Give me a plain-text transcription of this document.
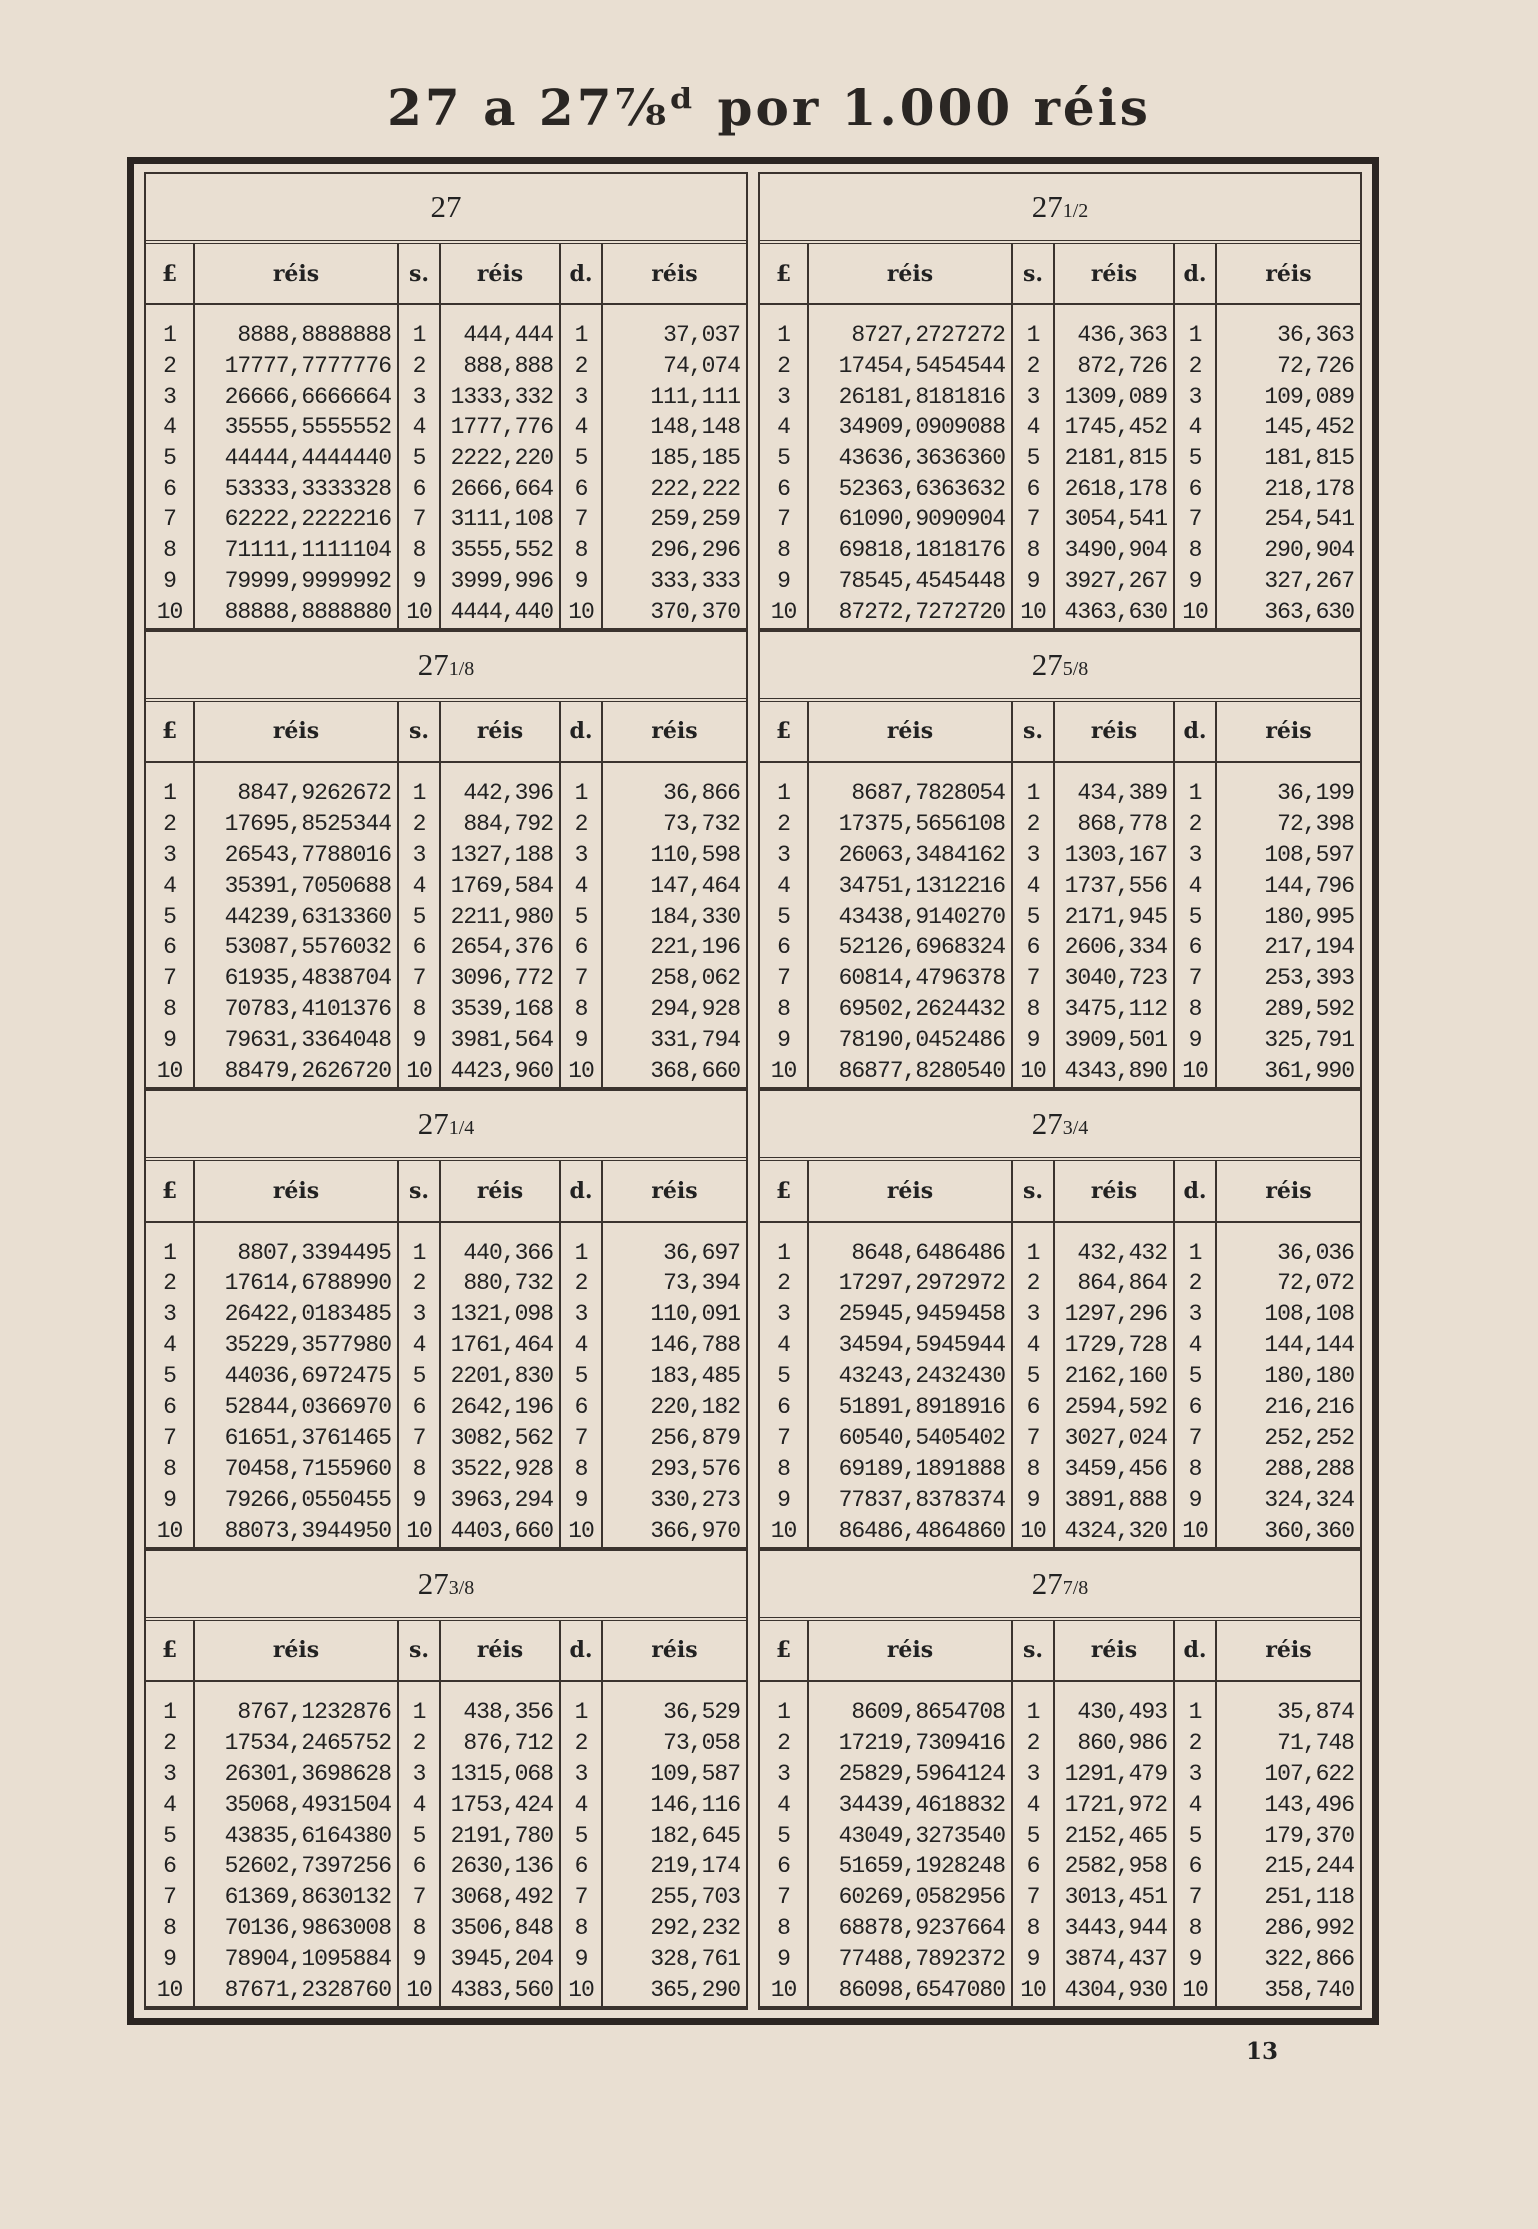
27 a 27⅞ᵈ por 1.000 réis
27
£	réis	s.	réis	d.	réis

1	8888,8888888	1	444,444	1	37,037
2	17777,7777776	2	888,888	2	74,074
3	26666,6666664	3	1333,332	3	111,111
4	35555,5555552	4	1777,776	4	148,148
5	44444,4444440	5	2222,220	5	185,185
6	53333,3333328	6	2666,664	6	222,222
7	62222,2222216	7	3111,108	7	259,259
8	71111,1111104	8	3555,552	8	296,296
9	79999,9999992	9	3999,996	9	333,333
10	88888,8888880	10	4444,440	10	370,370
271/2
£	réis	s.	réis	d.	réis

1	8727,2727272	1	436,363	1	36,363
2	17454,5454544	2	872,726	2	72,726
3	26181,8181816	3	1309,089	3	109,089
4	34909,0909088	4	1745,452	4	145,452
5	43636,3636360	5	2181,815	5	181,815
6	52363,6363632	6	2618,178	6	218,178
7	61090,9090904	7	3054,541	7	254,541
8	69818,1818176	8	3490,904	8	290,904
9	78545,4545448	9	3927,267	9	327,267
10	87272,7272720	10	4363,630	10	363,630
271/8
£	réis	s.	réis	d.	réis

1	8847,9262672	1	442,396	1	36,866
2	17695,8525344	2	884,792	2	73,732
3	26543,7788016	3	1327,188	3	110,598
4	35391,7050688	4	1769,584	4	147,464
5	44239,6313360	5	2211,980	5	184,330
6	53087,5576032	6	2654,376	6	221,196
7	61935,4838704	7	3096,772	7	258,062
8	70783,4101376	8	3539,168	8	294,928
9	79631,3364048	9	3981,564	9	331,794
10	88479,2626720	10	4423,960	10	368,660
275/8
£	réis	s.	réis	d.	réis

1	8687,7828054	1	434,389	1	36,199
2	17375,5656108	2	868,778	2	72,398
3	26063,3484162	3	1303,167	3	108,597
4	34751,1312216	4	1737,556	4	144,796
5	43438,9140270	5	2171,945	5	180,995
6	52126,6968324	6	2606,334	6	217,194
7	60814,4796378	7	3040,723	7	253,393
8	69502,2624432	8	3475,112	8	289,592
9	78190,0452486	9	3909,501	9	325,791
10	86877,8280540	10	4343,890	10	361,990
271/4
£	réis	s.	réis	d.	réis

1	8807,3394495	1	440,366	1	36,697
2	17614,6788990	2	880,732	2	73,394
3	26422,0183485	3	1321,098	3	110,091
4	35229,3577980	4	1761,464	4	146,788
5	44036,6972475	5	2201,830	5	183,485
6	52844,0366970	6	2642,196	6	220,182
7	61651,3761465	7	3082,562	7	256,879
8	70458,7155960	8	3522,928	8	293,576
9	79266,0550455	9	3963,294	9	330,273
10	88073,3944950	10	4403,660	10	366,970
273/4
£	réis	s.	réis	d.	réis

1	8648,6486486	1	432,432	1	36,036
2	17297,2972972	2	864,864	2	72,072
3	25945,9459458	3	1297,296	3	108,108
4	34594,5945944	4	1729,728	4	144,144
5	43243,2432430	5	2162,160	5	180,180
6	51891,8918916	6	2594,592	6	216,216
7	60540,5405402	7	3027,024	7	252,252
8	69189,1891888	8	3459,456	8	288,288
9	77837,8378374	9	3891,888	9	324,324
10	86486,4864860	10	4324,320	10	360,360
273/8
£	réis	s.	réis	d.	réis

1	8767,1232876	1	438,356	1	36,529
2	17534,2465752	2	876,712	2	73,058
3	26301,3698628	3	1315,068	3	109,587
4	35068,4931504	4	1753,424	4	146,116
5	43835,6164380	5	2191,780	5	182,645
6	52602,7397256	6	2630,136	6	219,174
7	61369,8630132	7	3068,492	7	255,703
8	70136,9863008	8	3506,848	8	292,232
9	78904,1095884	9	3945,204	9	328,761
10	87671,2328760	10	4383,560	10	365,290
277/8
£	réis	s.	réis	d.	réis

1	8609,8654708	1	430,493	1	35,874
2	17219,7309416	2	860,986	2	71,748
3	25829,5964124	3	1291,479	3	107,622
4	34439,4618832	4	1721,972	4	143,496
5	43049,3273540	5	2152,465	5	179,370
6	51659,1928248	6	2582,958	6	215,244
7	60269,0582956	7	3013,451	7	251,118
8	68878,9237664	8	3443,944	8	286,992
9	77488,7892372	9	3874,437	9	322,866
10	86098,6547080	10	4304,930	10	358,740
13
